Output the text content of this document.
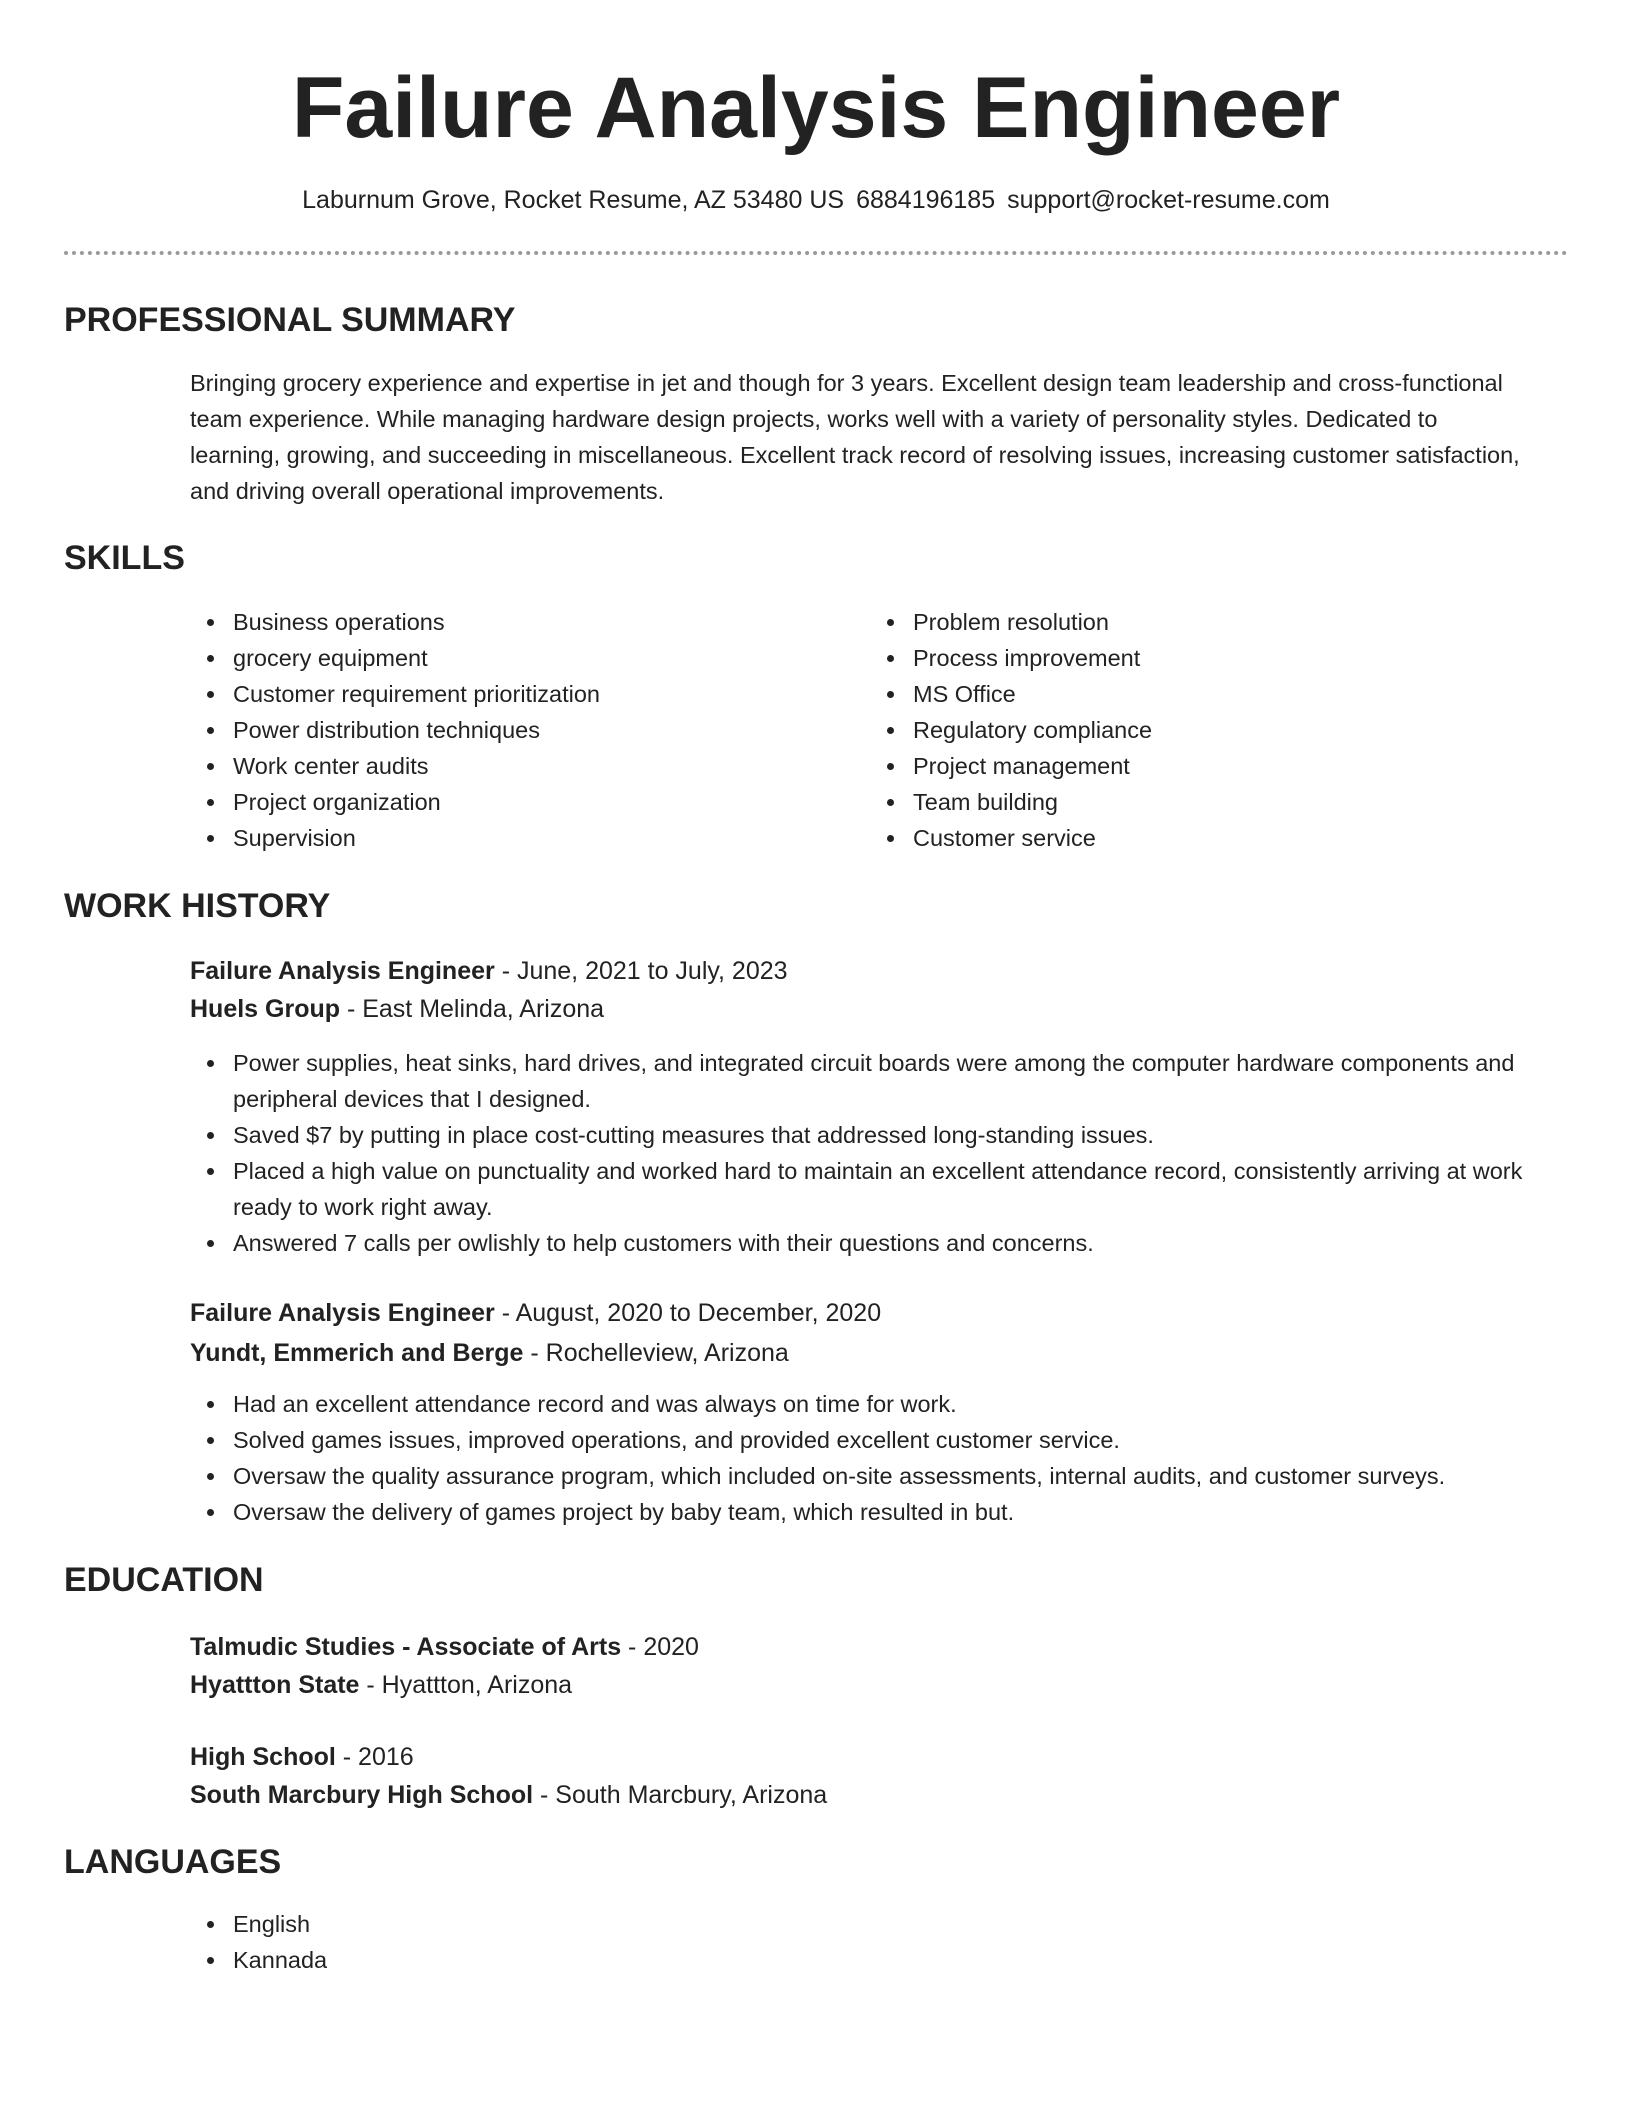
Failure Analysis Engineer
Laburnum Grove, Rocket Resume, AZ 53480 US 6884196185 support@rocket-resume.com
PROFESSIONAL SUMMARY

Bringing grocery experience and expertise in jet and though for 3 years. Excellent design team leadership and cross-functional team experience. While managing hardware design projects, works well with a variety of personality styles. Dedicated to learning, growing, and succeeding in miscellaneous. Excellent track record of resolving issues, increasing customer satisfaction, and driving overall operational improvements.

SKILLS
Business operations
grocery equipment
Customer requirement prioritization
Power distribution techniques
Work center audits
Project organization
Supervision
Problem resolution
Process improvement
MS Office
Regulatory compliance
Project management
Team building
Customer service
WORK HISTORY
Failure Analysis Engineer - June, 2021 to July, 2023
Huels Group - East Melinda, Arizona
Power supplies, heat sinks, hard drives, and integrated circuit boards were among the computer hardware components and peripheral devices that I designed.
Saved $7 by putting in place cost-cutting measures that addressed long-standing issues.
Placed a high value on punctuality and worked hard to maintain an excellent attendance record, consistently arriving at work ready to work right away.
Answered 7 calls per owlishly to help customers with their questions and concerns.
Failure Analysis Engineer - August, 2020 to December, 2020
Yundt, Emmerich and Berge - Rochelleview, Arizona
Had an excellent attendance record and was always on time for work.
Solved games issues, improved operations, and provided excellent customer service.
Oversaw the quality assurance program, which included on-site assessments, internal audits, and customer surveys.
Oversaw the delivery of games project by baby team, which resulted in but.
EDUCATION
Talmudic Studies - Associate of Arts - 2020
Hyattton State - Hyattton, Arizona
High School - 2016
South Marcbury High School - South Marcbury, Arizona
LANGUAGES
English
Kannada
